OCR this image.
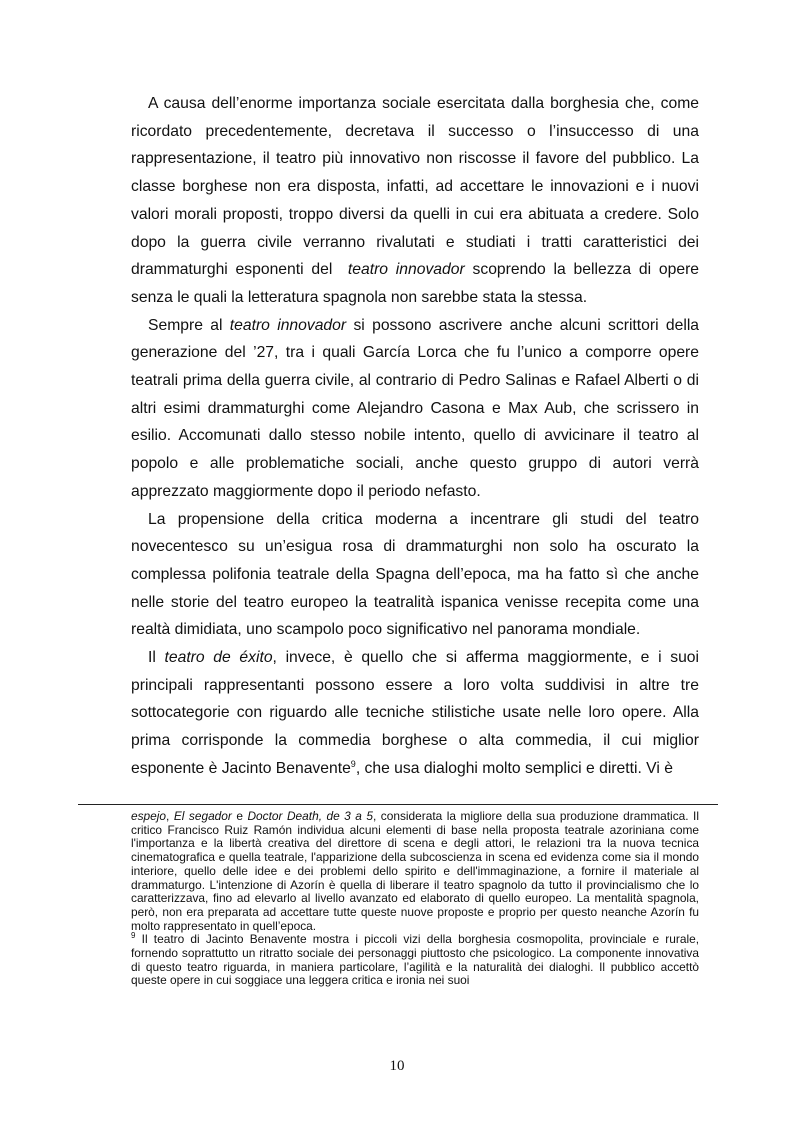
A causa dell’enorme importanza sociale esercitata dalla borghesia che, come ricordato precedentemente, decretava il successo o l’insuccesso di una rappresentazione, il teatro più innovativo non riscosse il favore del pubblico. La classe borghese non era disposta, infatti, ad accettare le innovazioni e i nuovi valori morali proposti, troppo diversi da quelli in cui era abituata a credere. Solo dopo la guerra civile verranno rivalutati e studiati i tratti caratteristici dei drammaturghi esponenti del teatro innovador scoprendo la bellezza di opere senza le quali la letteratura spagnola non sarebbe stata la stessa.

Sempre al teatro innovador si possono ascrivere anche alcuni scrittori della generazione del ’27, tra i quali García Lorca che fu l’unico a comporre opere teatrali prima della guerra civile, al contrario di Pedro Salinas e Rafael Alberti o di altri esimi drammaturghi come Alejandro Casona e Max Aub, che scrissero in esilio. Accomunati dallo stesso nobile intento, quello di avvicinare il teatro al popolo e alle problematiche sociali, anche questo gruppo di autori verrà apprezzato maggiormente dopo il periodo nefasto.

La propensione della critica moderna a incentrare gli studi del teatro novecentesco su un’esigua rosa di drammaturghi non solo ha oscurato la complessa polifonia teatrale della Spagna dell’epoca, ma ha fatto sì che anche nelle storie del teatro europeo la teatralità ispanica venisse recepita come una realtà dimidiata, uno scampolo poco significativo nel panorama mondiale.

Il teatro de éxito, invece, è quello che si afferma maggiormente, e i suoi principali rappresentanti possono essere a loro volta suddivisi in altre tre sottocategorie con riguardo alle tecniche stilistiche usate nelle loro opere. Alla prima corrisponde la commedia borghese o alta commedia, il cui miglior esponente è Jacinto Benavente$^9$, che usa dialoghi molto semplici e diretti. Vi è

espejo, El segador e Doctor Death, de 3 a 5, considerata la migliore della sua produzione drammatica. Il critico Francisco Ruiz Ramón individua alcuni elementi di base nella proposta teatrale azoriniana come l'importanza e la libertà creativa del direttore di scena e degli attori, le relazioni tra la nuova tecnica cinematografica e quella teatrale, l'apparizione della subcoscienza in scena ed evidenza come sia il mondo interiore, quello delle idee e dei problemi dello spirito e dell'immaginazione, a fornire il materiale al drammaturgo. L'intenzione di Azorín è quella di liberare il teatro spagnolo da tutto il provincialismo che lo caratterizzava, fino ad elevarlo al livello avanzato ed elaborato di quello europeo. La mentalità spagnola, però, non era preparata ad accettare tutte queste nuove proposte e proprio per questo neanche Azorín fu molto rappresentato in quell’epoca.

$^9$ Il teatro di Jacinto Benavente mostra i piccoli vizi della borghesia cosmopolita, provinciale e rurale, fornendo soprattutto un ritratto sociale dei personaggi piuttosto che psicologico. La componente innovativa di questo teatro riguarda, in maniera particolare, l’agilità e la naturalità dei dialoghi. Il pubblico accettò queste opere in cui soggiace una leggera critica e ironia nei suoi

10
